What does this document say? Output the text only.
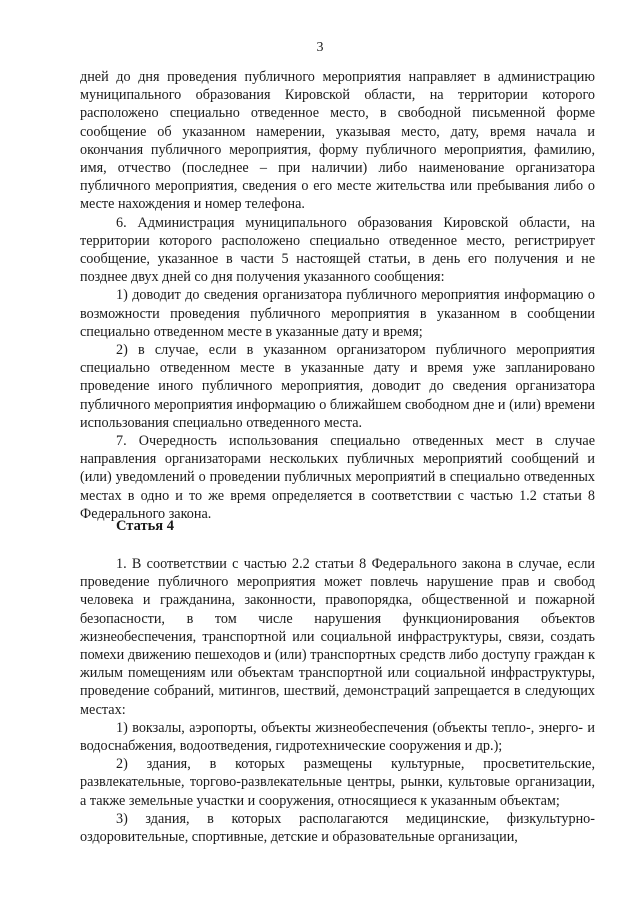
3

дней до дня проведения публичного мероприятия направляет в администрацию муниципального образования Кировской области, на территории которого расположено специально отведенное место, в свободной письменной форме сообщение об указанном намерении, указывая место, дату, время начала и окончания публичного мероприятия, форму публичного мероприятия, фамилию, имя, отчество (последнее – при наличии) либо наименование организатора публичного мероприятия, сведения о его месте жительства или пребывания либо о месте нахождения и номер телефона.

6. Администрация муниципального образования Кировской области, на территории которого расположено специально отведенное место, регистрирует сообщение, указанное в части 5 настоящей статьи, в день его получения и не позднее двух дней со дня получения указанного сообщения:

1) доводит до сведения организатора публичного мероприятия информацию о возможности проведения публичного мероприятия в указанном в сообщении специально отведенном месте в указанные дату и время;

2) в случае, если в указанном организатором публичного мероприятия специально отведенном месте в указанные дату и время уже запланировано проведение иного публичного мероприятия, доводит до сведения организатора публичного мероприятия информацию о ближайшем свободном дне и (или) времени использования специально отведенного места.

7. Очередность использования специально отведенных мест в случае направления организаторами нескольких публичных мероприятий сообщений и (или) уведомлений о проведении публичных мероприятий в специально отведенных местах в одно и то же время определяется в соответствии с частью 1.2 статьи 8 Федерального закона.

Статья 4

1. В соответствии с частью 2.2 статьи 8 Федерального закона в случае, если проведение публичного мероприятия может повлечь нарушение прав и свобод человека и гражданина, законности, правопорядка, общественной и пожарной безопасности, в том числе нарушения функционирования объектов жизнеобеспечения, транспортной или социальной инфраструктуры, связи, создать помехи движению пешеходов и (или) транспортных средств либо доступу граждан к жилым помещениям или объектам транспортной или социальной инфраструктуры, проведение собраний, митингов, шествий, демонстраций запрещается в следующих местах:

1) вокзалы, аэропорты, объекты жизнеобеспечения (объекты тепло-, энерго- и водоснабжения, водоотведения, гидротехнические сооружения и др.);

2) здания, в которых размещены культурные, просветительские, развлекательные, торгово-развлекательные центры, рынки, культовые организации, а также земельные участки и сооружения, относящиеся к указанным объектам;

3) здания, в которых располагаются медицинские, физкультурно-оздоровительные, спортивные, детские и образовательные организации,
